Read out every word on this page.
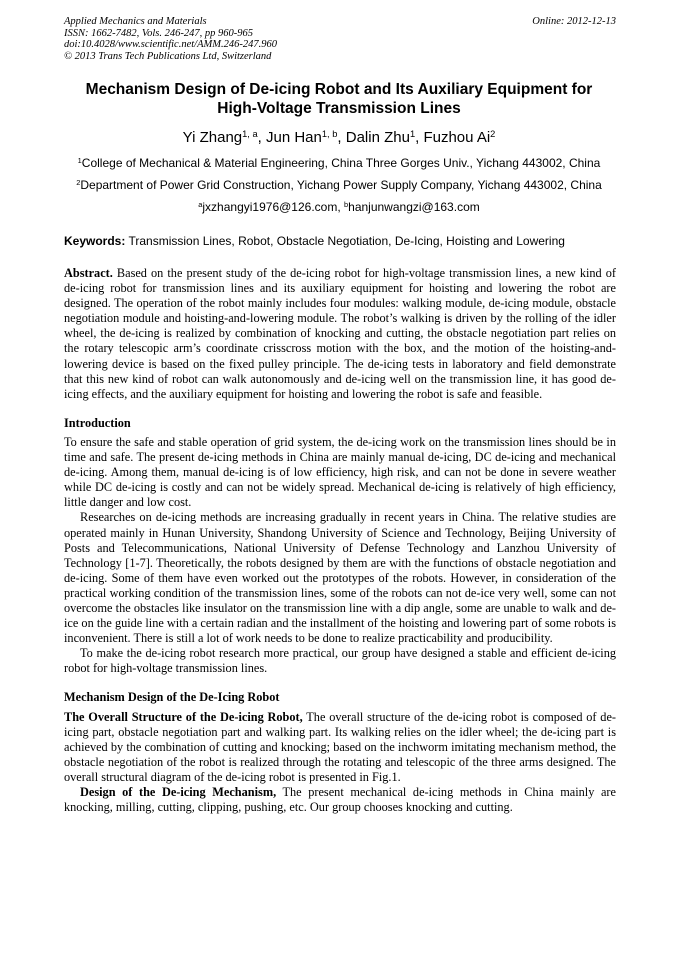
Applied Mechanics and Materials
ISSN: 1662-7482, Vols. 246-247, pp 960-965
doi:10.4028/www.scientific.net/AMM.246-247.960
© 2013 Trans Tech Publications Ltd, Switzerland
Online: 2012-12-13
Mechanism Design of De-icing Robot and Its Auxiliary Equipment for
High-Voltage Transmission Lines
Yi Zhang$^{1, a}$, Jun Han$^{1, b}$, Dalin Zhu$^1$, Fuzhou Ai$^2$
$^1$College of Mechanical & Material Engineering, China Three Gorges Univ., Yichang 443002, China
$^2$Department of Power Grid Construction, Yichang Power Supply Company, Yichang 443002, China
$^a$jxzhangyi1976@126.com, $^b$hanjunwangzi@163.com
Keywords: Transmission Lines, Robot, Obstacle Negotiation, De-Icing, Hoisting and Lowering

Abstract. Based on the present study of the de-icing robot for high-voltage transmission lines, a new kind of de-icing robot for transmission lines and its auxiliary equipment for hoisting and lowering the robot are designed. The operation of the robot mainly includes four modules: walking module, de-icing module, obstacle negotiation module and hoisting-and-lowering module. The robot’s walking is driven by the rolling of the idler wheel, the de-icing is realized by combination of knocking and cutting, the obstacle negotiation part relies on the rotary telescopic arm’s coordinate crisscross motion with the box, and the motion of the hoisting-and-lowering device is based on the fixed pulley principle. The de-icing tests in laboratory and field demonstrate that this new kind of robot can walk autonomously and de-icing well on the transmission line, it has good de-icing effects, and the auxiliary equipment for hoisting and lowering the robot is safe and feasible.

Introduction

To ensure the safe and stable operation of grid system, the de-icing work on the transmission lines should be in time and safe. The present de-icing methods in China are mainly manual de-icing, DC de-icing and mechanical de-icing. Among them, manual de-icing is of low efficiency, high risk, and can not be done in severe weather while DC de-icing is costly and can not be widely spread. Mechanical de-icing is relatively of high efficiency, little danger and low cost.

Researches on de-icing methods are increasing gradually in recent years in China. The relative studies are operated mainly in Hunan University, Shandong University of Science and Technology, Beijing University of Posts and Telecommunications, National University of Defense Technology and Lanzhou University of Technology [1-7]. Theoretically, the robots designed by them are with the functions of obstacle negotiation and de-icing. Some of them have even worked out the prototypes of the robots. However, in consideration of the practical working condition of the transmission lines, some of the robots can not de-ice very well, some can not overcome the obstacles like insulator on the transmission line with a dip angle, some are unable to walk and de-ice on the guide line with a certain radian and the installment of the hoisting and lowering part of some robots is inconvenient. There is still a lot of work needs to be done to realize practicability and producibility.

To make the de-icing robot research more practical, our group have designed a stable and efficient de-icing robot for high-voltage transmission lines.

Mechanism Design of the De-Icing Robot

The Overall Structure of the De-icing Robot, The overall structure of the de-icing robot is composed of de-icing part, obstacle negotiation part and walking part. Its walking relies on the idler wheel; the de-icing part is achieved by the combination of cutting and knocking; based on the inchworm imitating mechanism method, the obstacle negotiation of the robot is realized through the rotating and telescopic of the three arms designed. The overall structural diagram of the de-icing robot is presented in Fig.1.

Design of the De-icing Mechanism, The present mechanical de-icing methods in China mainly are knocking, milling, cutting, clipping, pushing, etc. Our group chooses knocking and cutting.
